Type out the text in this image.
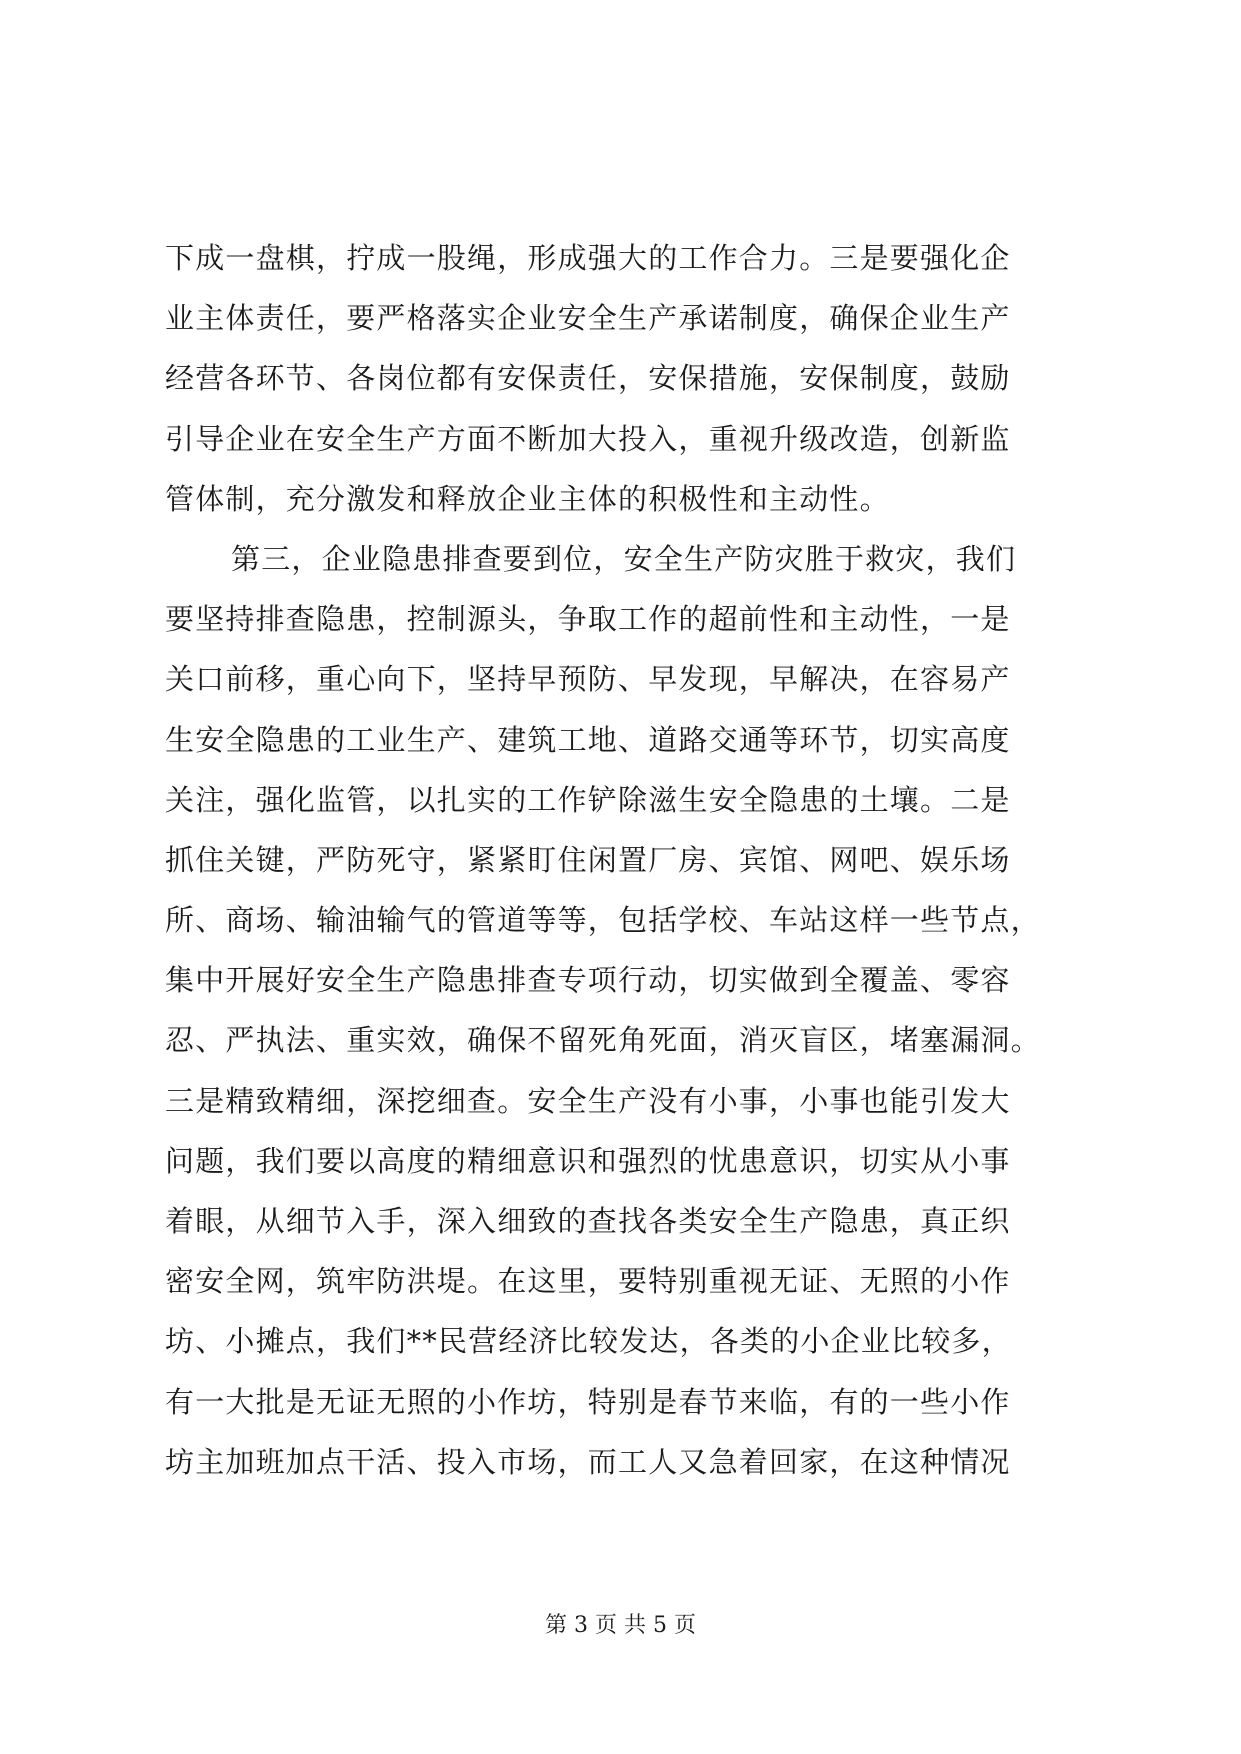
下成一盘棋，拧成一股绳，形成强大的工作合力。三是要强化企
业主体责任，要严格落实企业安全生产承诺制度，确保企业生产
经营各环节、各岗位都有安保责任，安保措施，安保制度，鼓励
引导企业在安全生产方面不断加大投入，重视升级改造，创新监
管体制，充分激发和释放企业主体的积极性和主动性。
第三，企业隐患排查要到位，安全生产防灾胜于救灾，我们
要坚持排查隐患，控制源头，争取工作的超前性和主动性，一是
关口前移，重心向下，坚持早预防、早发现，早解决，在容易产
生安全隐患的工业生产、建筑工地、道路交通等环节，切实高度
关注，强化监管，以扎实的工作铲除滋生安全隐患的土壤。二是
抓住关键，严防死守，紧紧盯住闲置厂房、宾馆、网吧、娱乐场
所、商场、输油输气的管道等等，包括学校、车站这样一些节点，
集中开展好安全生产隐患排查专项行动，切实做到全覆盖、零容
忍、严执法、重实效，确保不留死角死面，消灭盲区，堵塞漏洞。
三是精致精细，深挖细查。安全生产没有小事，小事也能引发大
问题，我们要以高度的精细意识和强烈的忧患意识，切实从小事
着眼，从细节入手，深入细致的查找各类安全生产隐患，真正织
密安全网，筑牢防洪堤。在这里，要特别重视无证、无照的小作
坊、小摊点，我们**民营经济比较发达，各类的小企业比较多，
有一大批是无证无照的小作坊，特别是春节来临，有的一些小作
坊主加班加点干活、投入市场，而工人又急着回家，在这种情况
第 3 页 共 5 页
